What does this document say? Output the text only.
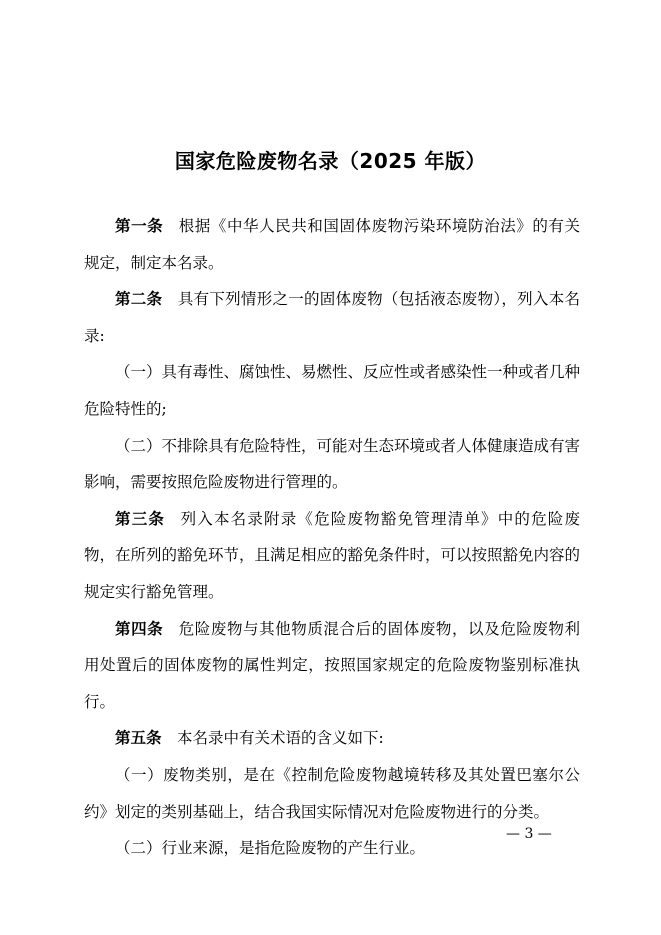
国家危险废物名录（2025 年版）

第一条 根据《中华人民共和国固体废物污染环境防治法》的有关规定，制定本名录。

第二条 具有下列情形之一的固体废物（包括液态废物），列入本名录:

（一）具有毒性、腐蚀性、易燃性、反应性或者感染性一种或者几种危险特性的;

（二）不排除具有危险特性，可能对生态环境或者人体健康造成有害影响，需要按照危险废物进行管理的。

第三条 列入本名录附录《危险废物豁免管理清单》中的危险废物，在所列的豁免环节，且满足相应的豁免条件时，可以按照豁免内容的规定实行豁免管理。

第四条 危险废物与其他物质混合后的固体废物，以及危险废物利用处置后的固体废物的属性判定，按照国家规定的危险废物鉴别标准执行。

第五条 本名录中有关术语的含义如下:

（一）废物类别，是在《控制危险废物越境转移及其处置巴塞尔公约》划定的类别基础上，结合我国实际情况对危险废物进行的分类。

（二）行业来源，是指危险废物的产生行业。

— 3 —
